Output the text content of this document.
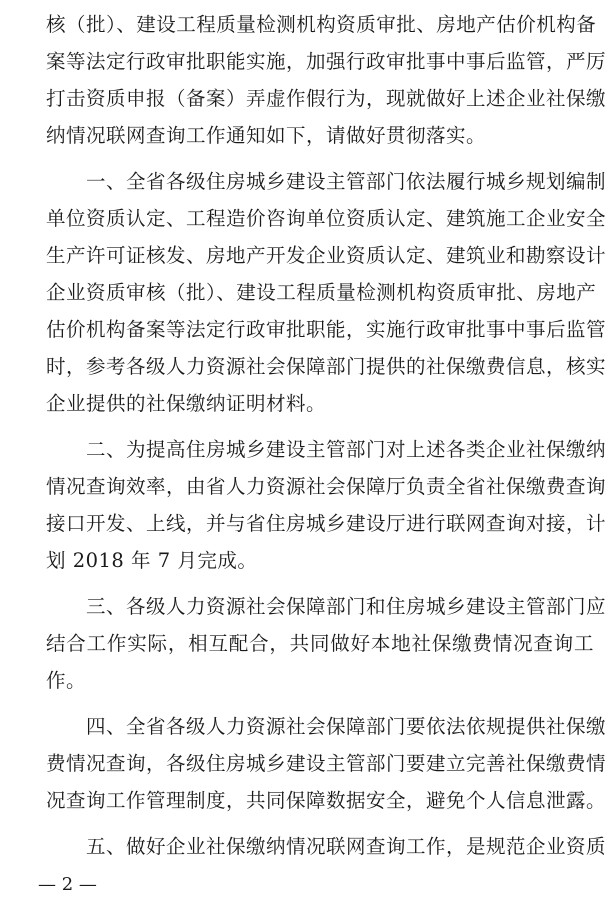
核（批）、建设工程质量检测机构资质审批、房地产估价机构备
案等法定行政审批职能实施，加强行政审批事中事后监管，严厉
打击资质申报（备案）弄虚作假行为，现就做好上述企业社保缴
纳情况联网查询工作通知如下，请做好贯彻落实。
　　一、全省各级住房城乡建设主管部门依法履行城乡规划编制
单位资质认定、工程造价咨询单位资质认定、建筑施工企业安全
生产许可证核发、房地产开发企业资质认定、建筑业和勘察设计
企业资质审核（批）、建设工程质量检测机构资质审批、房地产
估价机构备案等法定行政审批职能，实施行政审批事中事后监管
时，参考各级人力资源社会保障部门提供的社保缴费信息，核实
企业提供的社保缴纳证明材料。
　　二、为提高住房城乡建设主管部门对上述各类企业社保缴纳
情况查询效率，由省人力资源社会保障厅负责全省社保缴费查询
接口开发、上线，并与省住房城乡建设厅进行联网查询对接，计
划 2018 年 7 月完成。
　　三、各级人力资源社会保障部门和住房城乡建设主管部门应
结合工作实际，相互配合，共同做好本地社保缴费情况查询工
作。
　　四、全省各级人力资源社会保障部门要依法依规提供社保缴
费情况查询，各级住房城乡建设主管部门要建立完善社保缴费情
况查询工作管理制度，共同保障数据安全，避免个人信息泄露。
　　五、做好企业社保缴纳情况联网查询工作，是规范企业资质
— 2 —
